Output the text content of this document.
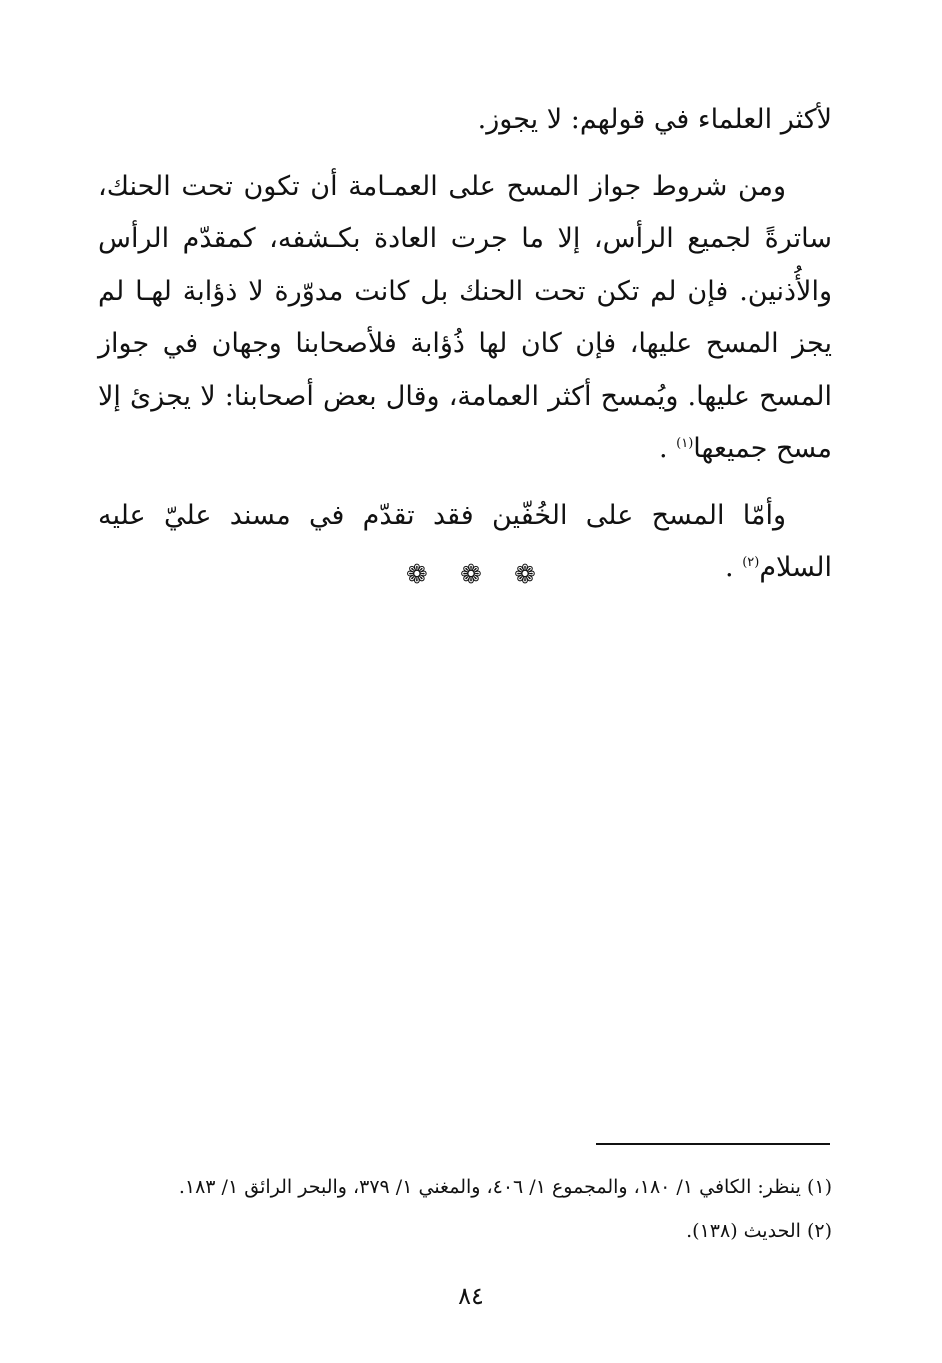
لأكثر العلماء في قولهم: لا يجوز.

ومن شروط جواز المسح على العمـامة أن تكون تحت الحنك، ساترةً لجميع الرأس، إلا ما جرت العادة بكـشفه، كمقدّم الرأس والأُذنين. فإن لم تكن تحت الحنك بل كانت مدوّرة لا ذؤابة لهـا لم يجز المسح عليها، فإن كان لها ذُؤابة فلأصحابنا وجهان في جواز المسح عليها. ويُمسح أكثر العمامة، وقال بعض أصحابنا: لا يجزئ إلا مسح جميعها$^{(١)}$ .

وأمّا المسح على الخُفّين فقد تقدّم في مسند عليّ عليه السلام$^{(٢)}$ .

❁ ❁ ❁

(١) ينظر: الكافي ١/ ١٨٠، والمجموع ١/ ٤٠٦، والمغني ١/ ٣٧٩، والبحر الرائق ١/ ١٨٣.

(٢) الحديث (١٣٨).

٨٤
